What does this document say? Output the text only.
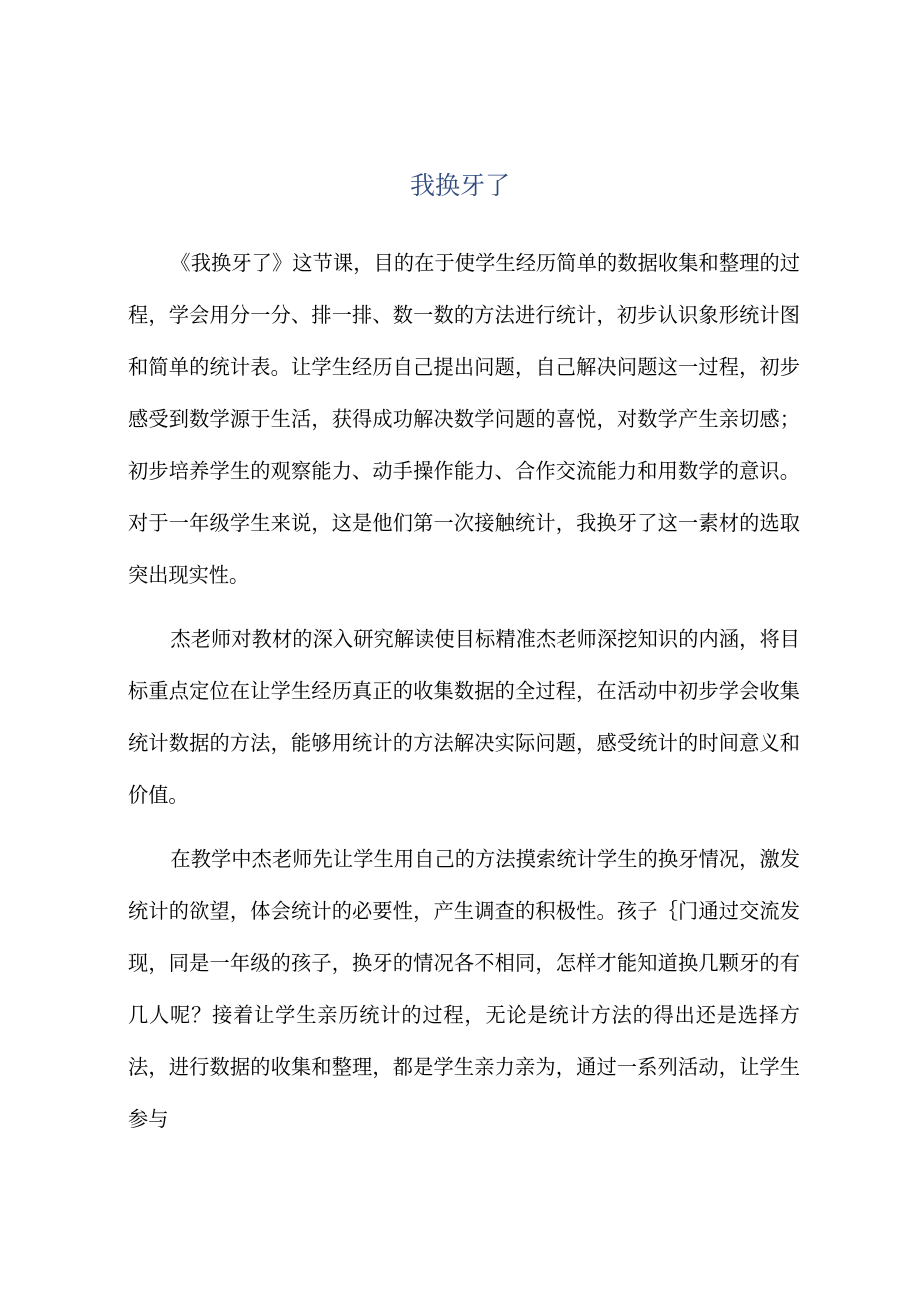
我换牙了

《我换牙了》这节课，目的在于使学生经历简单的数据收集和整理的过程，学会用分一分、排一排、数一数的方法进行统计，初步认识象形统计图和简单的统计表。让学生经历自己提出问题，自己解决问题这一过程，初步感受到数学源于生活，获得成功解决数学问题的喜悦，对数学产生亲切感；初步培养学生的观察能力、动手操作能力、合作交流能力和用数学的意识。对于一年级学生来说，这是他们第一次接触统计，我换牙了这一素材的选取突出现实性。

杰老师对教材的深入研究解读使目标精准杰老师深挖知识的内涵，将目标重点定位在让学生经历真正的收集数据的全过程，在活动中初步学会收集统计数据的方法，能够用统计的方法解决实际问题，感受统计的时间意义和价值。

在教学中杰老师先让学生用自己的方法摸索统计学生的换牙情况，激发统计的欲望，体会统计的必要性，产生调查的积极性。孩子｛门通过交流发现，同是一年级的孩子，换牙的情况各不相同，怎样才能知道换几颗牙的有几人呢？接着让学生亲历统计的过程，无论是统计方法的得出还是选择方法，进行数据的收集和整理，都是学生亲力亲为，通过一系列活动，让学生参与
